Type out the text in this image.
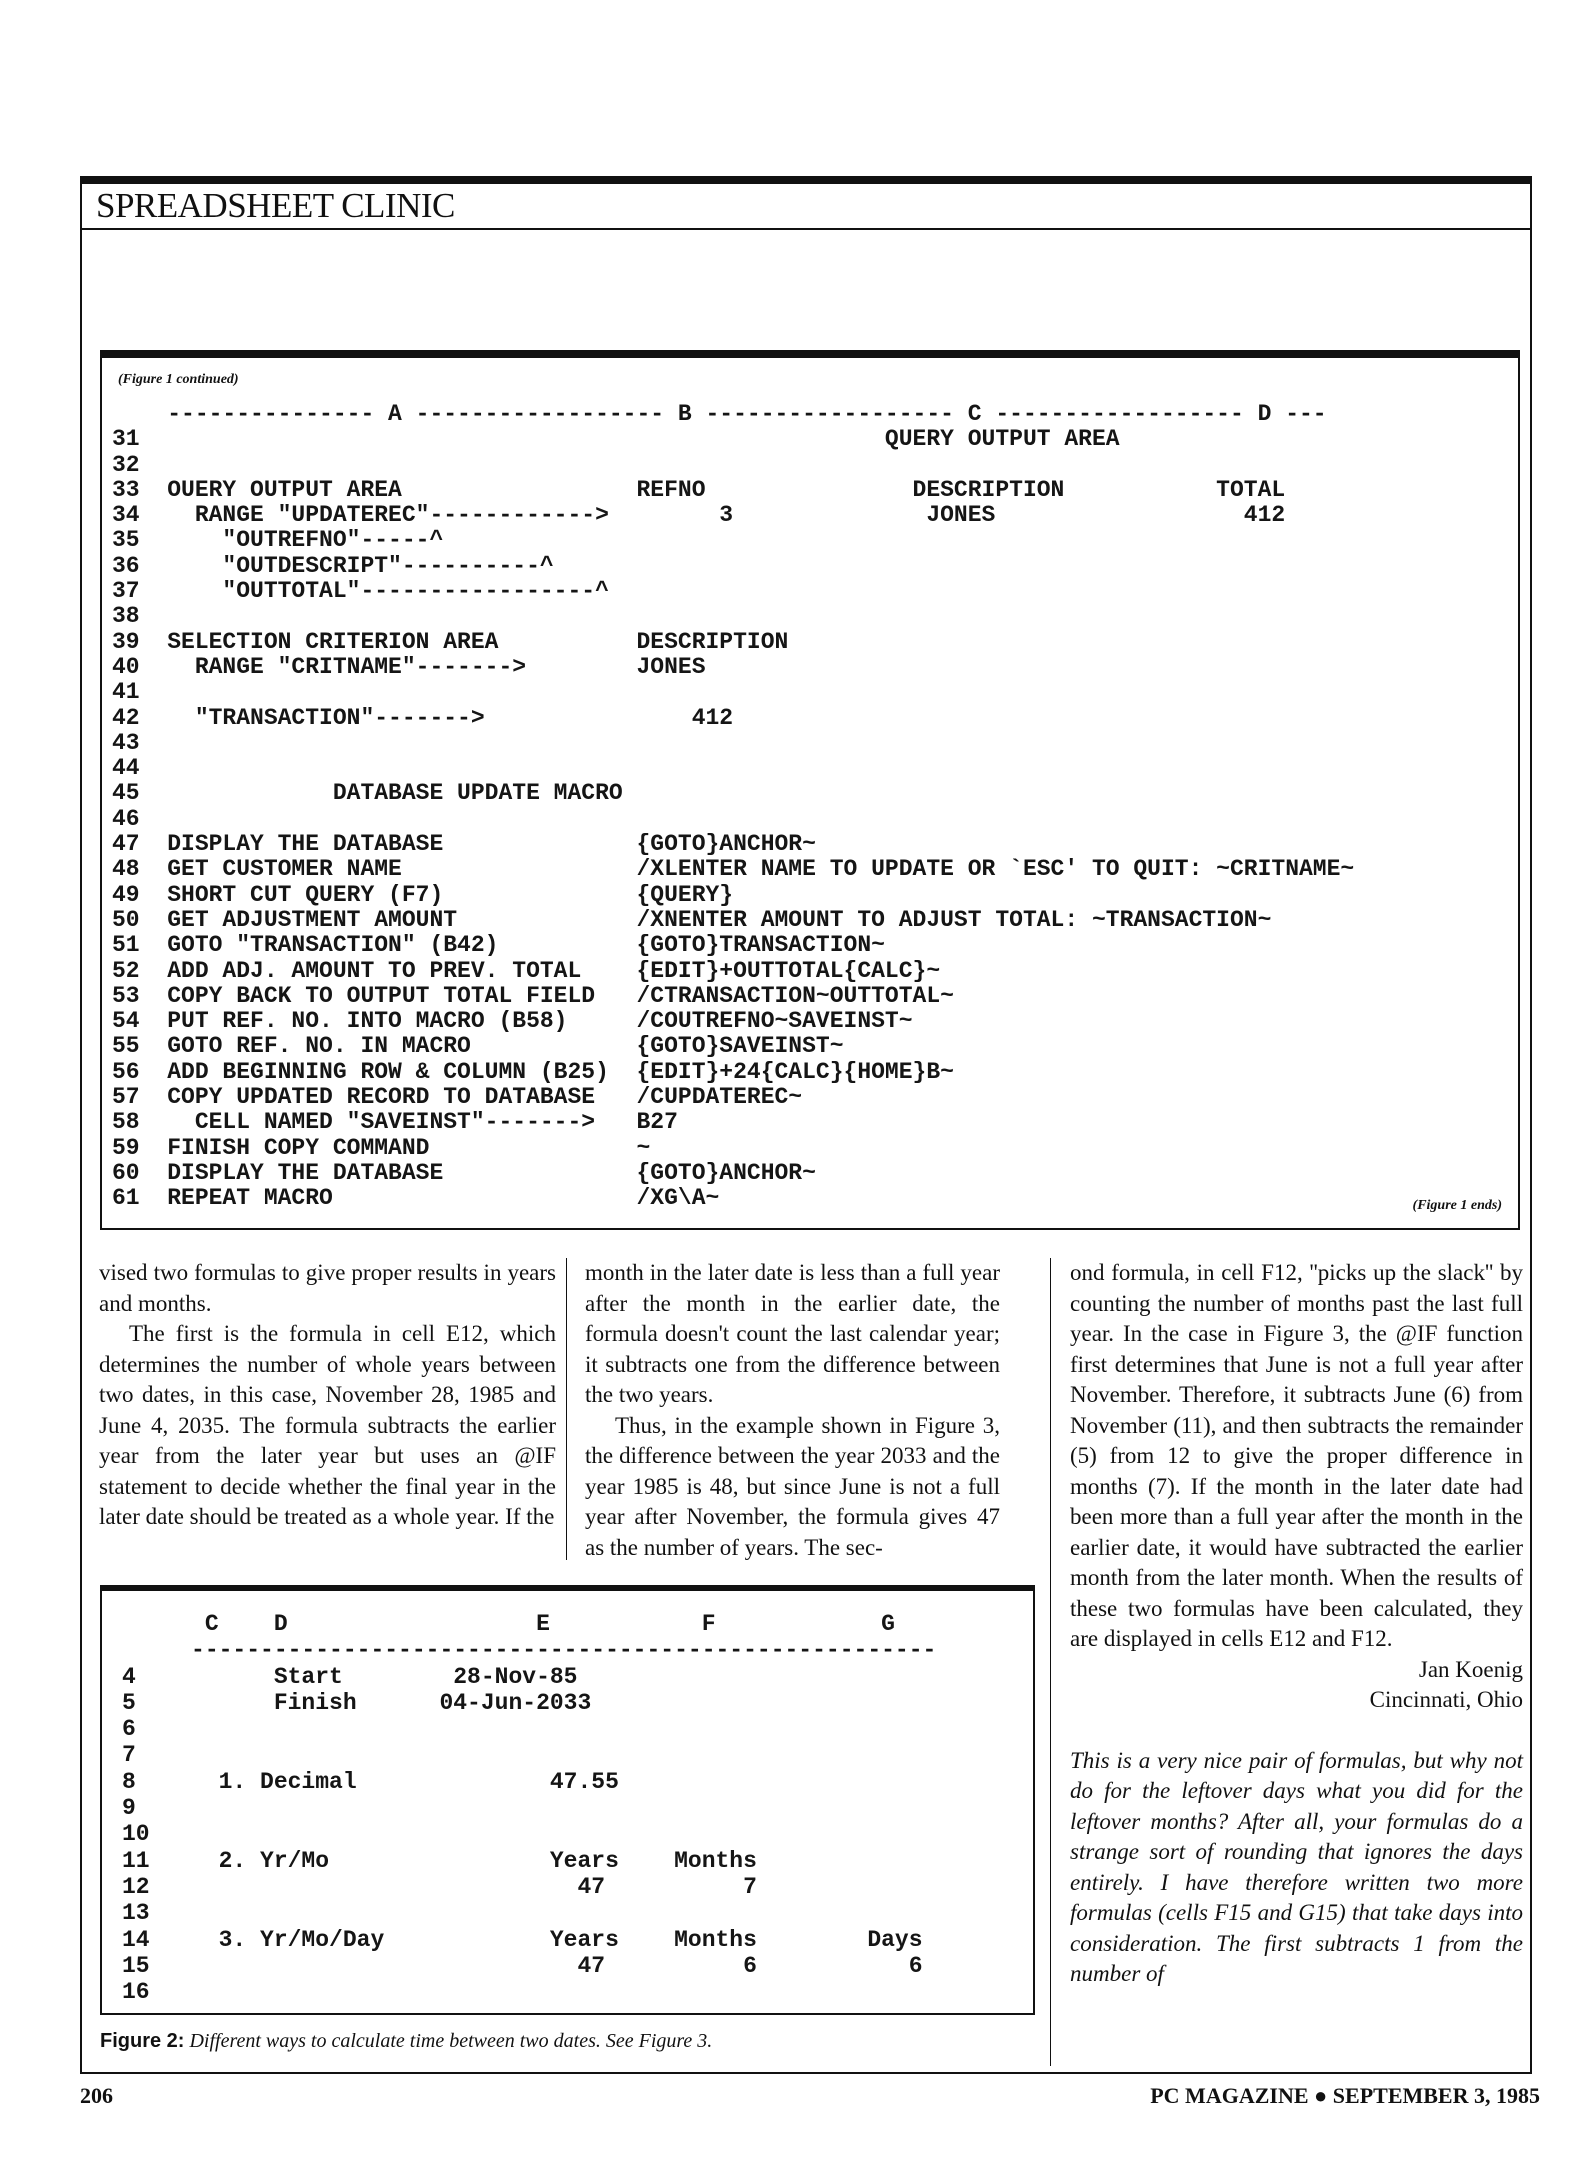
SPREADSHEET CLINIC
(Figure 1 continued)
--------------- A ------------------ B ------------------ C ------------------ D ---
31                                                      QUERY OUTPUT AREA
32
33  OUERY OUTPUT AREA                 REFNO               DESCRIPTION           TOTAL
34    RANGE "UPDATEREC"------------>        3              JONES                  412
35      "OUTREFNO"-----^
36      "OUTDESCRIPT"----------^
37      "OUTTOTAL"-----------------^
38
39  SELECTION CRITERION AREA          DESCRIPTION
40    RANGE "CRITNAME"------->        JONES
41
42    "TRANSACTION"------->               412
43
44
45              DATABASE UPDATE MACRO
46
47  DISPLAY THE DATABASE              {GOTO}ANCHOR~
48  GET CUSTOMER NAME                 /XLENTER NAME TO UPDATE OR `ESC' TO QUIT: ~CRITNAME~
49  SHORT CUT QUERY (F7)              {QUERY}
50  GET ADJUSTMENT AMOUNT             /XNENTER AMOUNT TO ADJUST TOTAL: ~TRANSACTION~
51  GOTO "TRANSACTION" (B42)          {GOTO}TRANSACTION~
52  ADD ADJ. AMOUNT TO PREV. TOTAL    {EDIT}+OUTTOTAL{CALC}~
53  COPY BACK TO OUTPUT TOTAL FIELD   /CTRANSACTION~OUTTOTAL~
54  PUT REF. NO. INTO MACRO (B58)     /COUTREFNO~SAVEINST~
55  GOTO REF. NO. IN MACRO            {GOTO}SAVEINST~
56  ADD BEGINNING ROW & COLUMN (B25)  {EDIT}+24{CALC}{HOME}B~
57  COPY UPDATED RECORD TO DATABASE   /CUPDATEREC~
58    CELL NAMED "SAVEINST"------->   B27
59  FINISH COPY COMMAND               ~
60  DISPLAY THE DATABASE              {GOTO}ANCHOR~
61  REPEAT MACRO                      /XG\A~	(Figure 1 ends)

vised two formulas to give proper results in years and months.

The first is the formula in cell E12, which determines the number of whole years between two dates, in this case, November 28, 1985 and June 4, 2035. The formula subtracts the earlier year from the later year but uses an @IF statement to decide whether the final year in the later date should be treated as a whole year. If the

month in the later date is less than a full year after the month in the earlier date, the formula doesn't count the last calendar year; it subtracts one from the difference between the two years.

Thus, in the example shown in Figure 3, the difference between the year 2033 and the year 1985 is 48, but since June is not a full year after November, the formula gives 47 as the number of years. The sec-

ond formula, in cell F12, ''picks up the slack'' by counting the number of months past the last full year. In the case in Figure 3, the @IF function first determines that June is not a full year after November. Therefore, it subtracts June (6) from November (11), and then subtracts the remainder (5) from 12 to give the proper difference in months (7). If the month in the later date had been more than a full year after the month in the earlier date, it would have subtracted the earlier month from the later month. When the results of these two formulas have been calculated, they are displayed in cells E12 and F12.

Jan Koenig

Cincinnati, Ohio

This is a very nice pair of formulas, but why not do for the leftover days what you did for the leftover months? After all, your formulas do a strange sort of rounding that ignores the days entirely. I have therefore written two more formulas (cells F15 and G15) that take days into consideration. The first subtracts 1 from the number of

C    D                  E           F            G
------------------------------------------------------
4          Start        28-Nov-85
5          Finish      04-Jun-2033
6
7
8      1. Decimal              47.55
9
10
11     2. Yr/Mo                Years    Months
12                               47          7
13
14     3. Yr/Mo/Day            Years    Months        Days
15                               47          6           6
16
Figure 2: Different ways to calculate time between two dates. See Figure 3.
206	PC MAGAZINE ● SEPTEMBER 3, 1985
